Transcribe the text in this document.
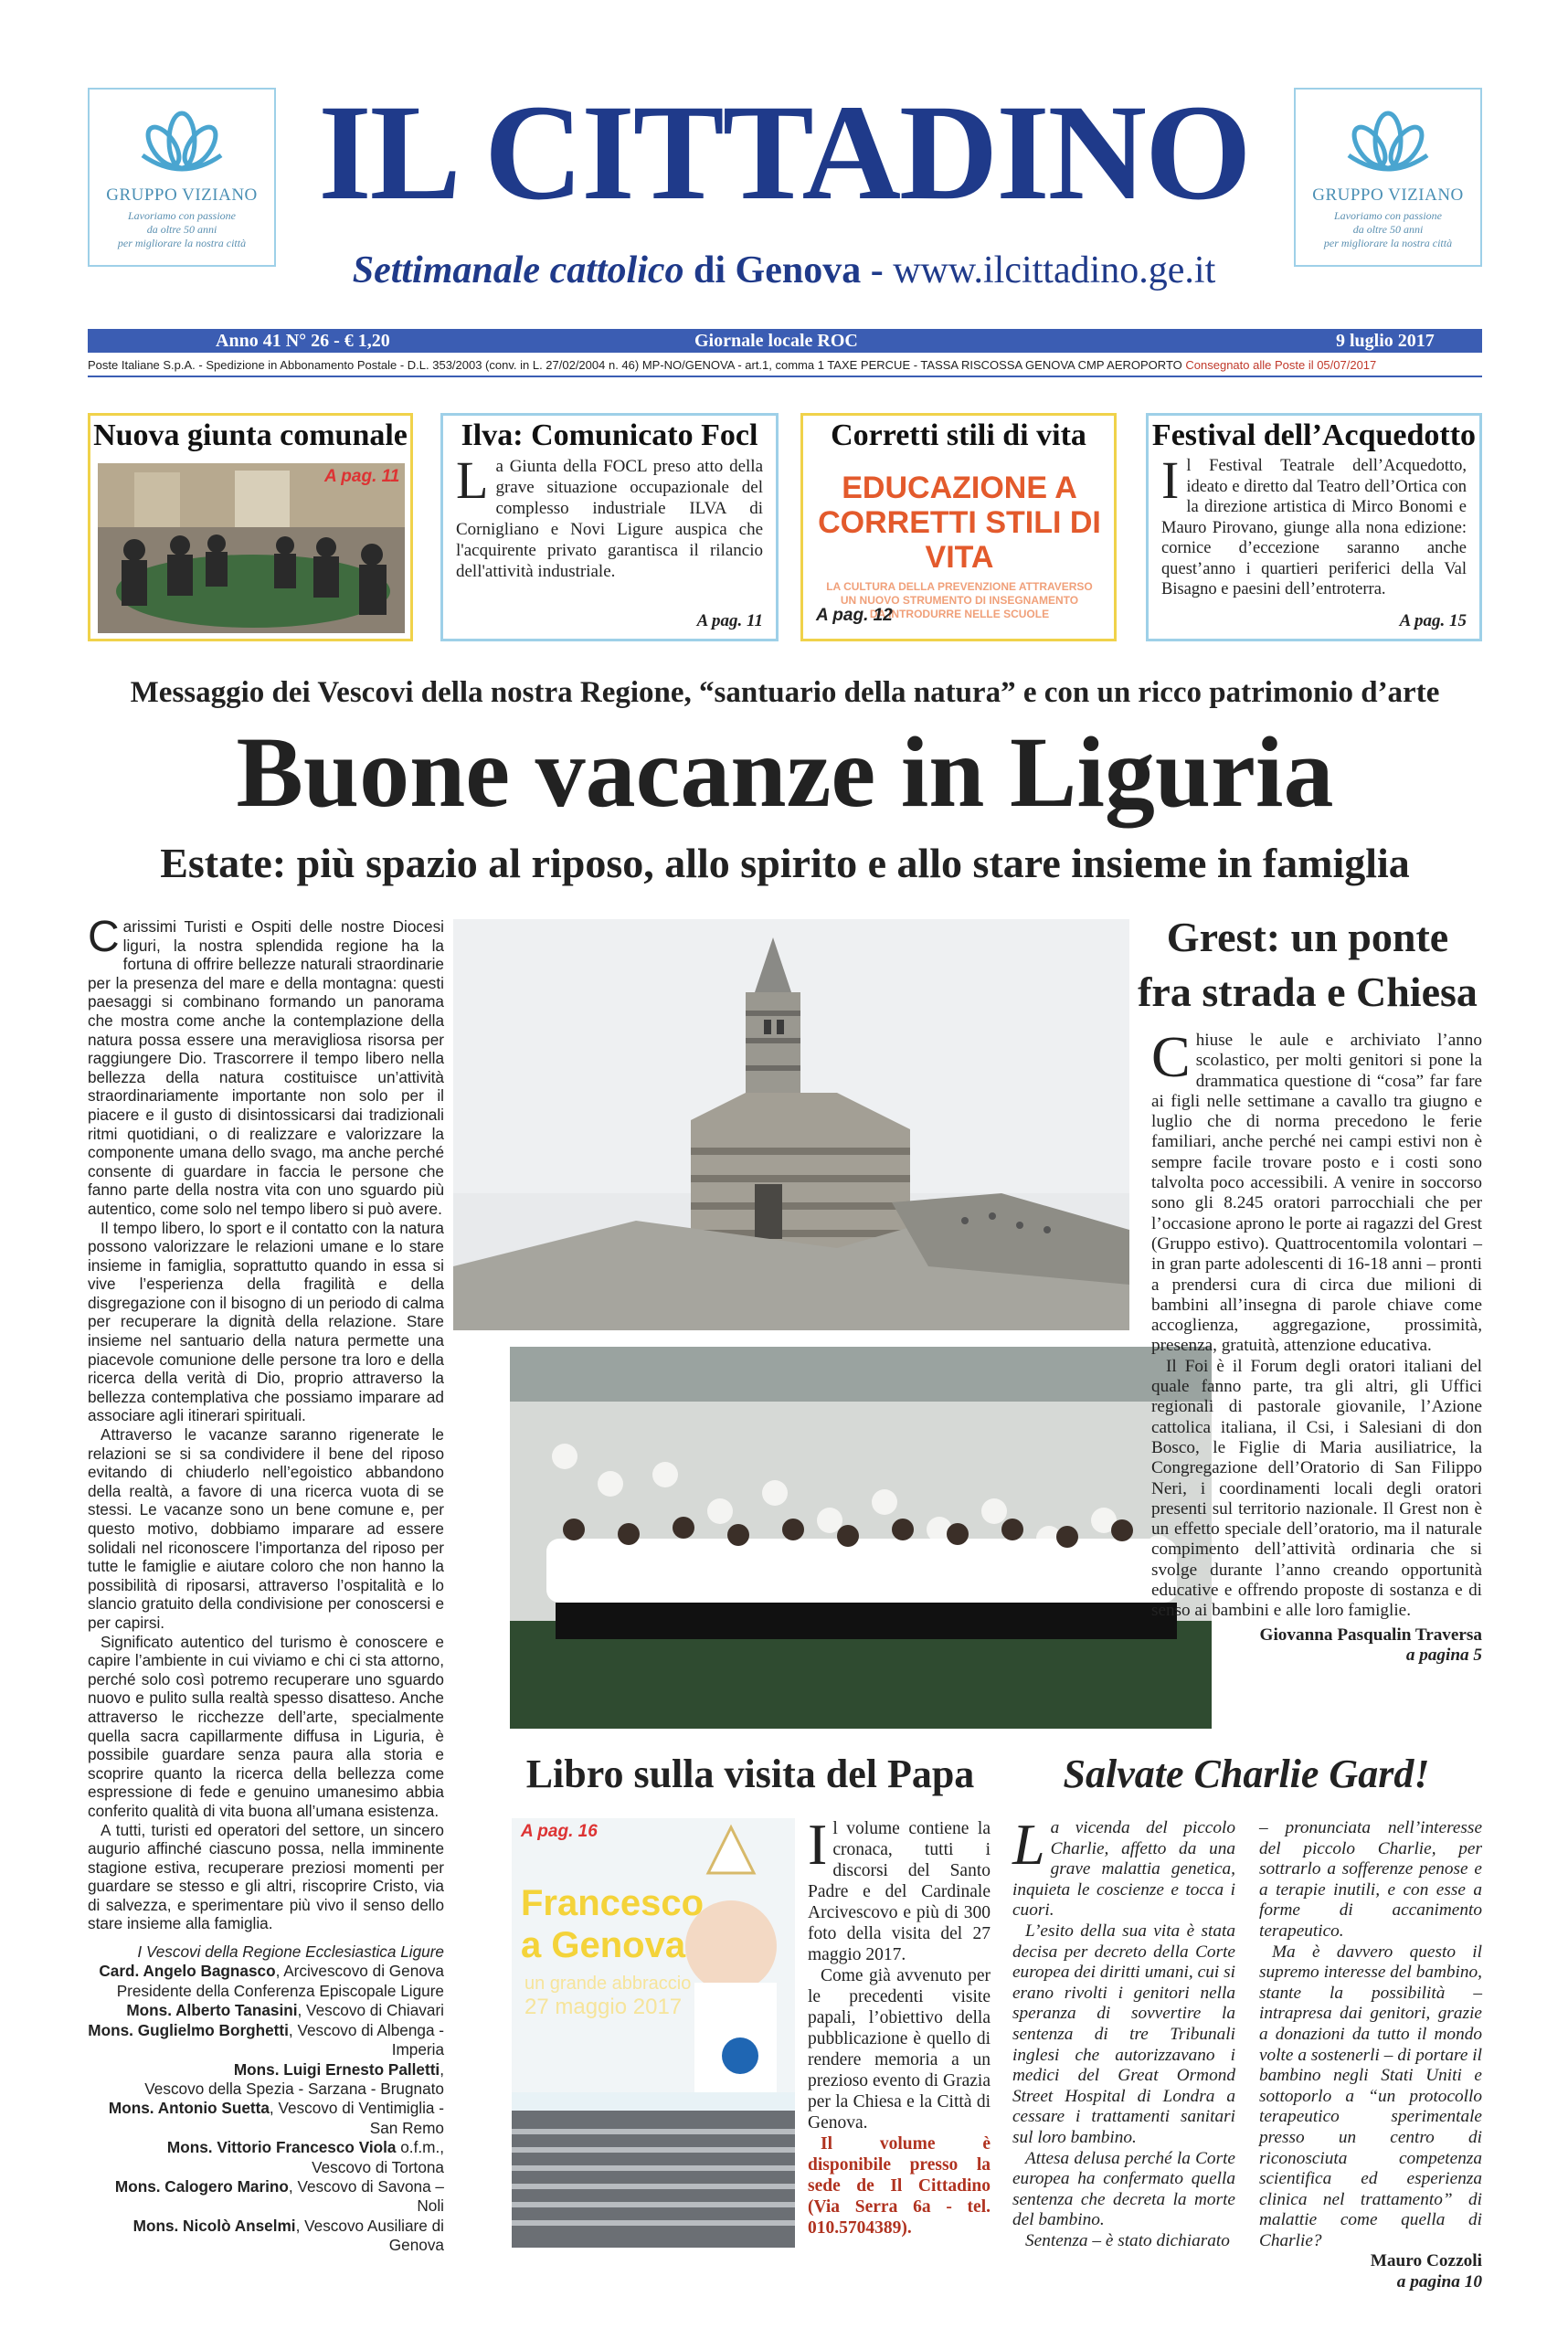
GRUPPO VIZIANO
Lavoriamo con passione
da oltre 50 anni
per migliorare la nostra città
GRUPPO VIZIANO
Lavoriamo con passione
da oltre 50 anni
per migliorare la nostra città
IL CITTADINO
Settimanale cattolico di Genova - www.ilcittadino.ge.it
Anno 41 N° 26 - € 1,20	Giornale locale ROC	9 luglio 2017
Poste Italiane S.p.A. - Spedizione in Abbonamento Postale - D.L. 353/2003 (conv. in L. 27/02/2004 n. 46) MP-NO/GENOVA - art.1, comma 1 TAXE PERCUE - TASSA RISCOSSA GENOVA CMP AEROPORTO Consegnato alle Poste il 05/07/2017
Nuova giunta comunale
A pag. 11
Ilva: Comunicato Focl
La Giunta della FOCL preso atto della grave situazione occupazionale del complesso industriale ILVA di Cornigliano e Novi Ligure auspica che l'acquirente privato garantisca il rilancio dell'attività industriale.
A pag. 11
Corretti stili di vita
EDUCAZIONE A
CORRETTI STILI DI VITA
LA CULTURA DELLA PREVENZIONE ATTRAVERSO
UN NUOVO STRUMENTO DI INSEGNAMENTO
DA INTRODURRE NELLE SCUOLE
A pag. 12
Festival dell’Acquedotto
Il Festival Teatrale dell’Acquedotto, ideato e diretto dal Teatro dell’Ortica con la direzione artistica di Mirco Bonomi e Mauro Pirovano, giunge alla nona edizione: cornice d’eccezione saranno anche quest’anno i quartieri periferici della Val Bisagno e paesini dell’entroterra.
A pag. 15
Messaggio dei Vescovi della nostra Regione, “santuario della natura” e con un ricco patrimonio d’arte
Buone vacanze in Liguria
Estate: più spazio al riposo, allo spirito e allo stare insieme in famiglia

Carissimi Turisti e Ospiti delle nostre Diocesi liguri, la nostra splendida regione ha la fortuna di offrire bellezze naturali straordinarie per la presenza del mare e della montagna: questi paesaggi si combinano formando un panorama che mostra come anche la contemplazione della natura possa essere una meravigliosa risorsa per raggiungere Dio. Trascorrere il tempo libero nella bellezza della natura costituisce un’attività straordinariamente importante non solo per il piacere e il gusto di disintossicarsi dai tradizionali ritmi quotidiani, o di realizzare e valorizzare la componente umana dello svago, ma anche perché consente di guardare in faccia le persone che fanno parte della nostra vita con uno sguardo più autentico, come solo nel tempo libero si può avere.

Il tempo libero, lo sport e il contatto con la natura possono valorizzare le relazioni umane e lo stare insieme in famiglia, soprattutto quando in essa si vive l’esperienza della fragilità e della disgregazione con il bisogno di un periodo di calma per recuperare la dignità della relazione. Stare insieme nel santuario della natura permette una piacevole comunione delle persone tra loro e della ricerca della verità di Dio, proprio attraverso la bellezza contemplativa che possiamo imparare ad associare agli itinerari spirituali.

Attraverso le vacanze saranno rigenerate le relazioni se si sa condividere il bene del riposo evitando di chiuderlo nell’egoistico abbandono della realtà, a favore di una ricerca vuota di se stessi. Le vacanze sono un bene comune e, per questo motivo, dobbiamo imparare ad essere solidali nel riconoscere l’importanza del riposo per tutte le famiglie e aiutare coloro che non hanno la possibilità di riposarsi, attraverso l’ospitalità e lo slancio gratuito della condivisione per conoscersi e per capirsi.

Significato autentico del turismo è conoscere e capire l’ambiente in cui viviamo e chi ci sta attorno, perché solo così potremo recuperare uno sguardo nuovo e pulito sulla realtà spesso disatteso. Anche attraverso le ricchezze dell’arte, specialmente quella sacra capillarmente diffusa in Liguria, è possibile guardare senza paura alla storia e scoprire quanto la ricerca della bellezza come espressione di fede e genuino umanesimo abbia conferito qualità di vita buona all’umana esistenza.

A tutti, turisti ed operatori del settore, un sincero augurio affinché ciascuno possa, nella imminente stagione estiva, recuperare preziosi momenti per guardare se stesso e gli altri, riscoprire Cristo, via di salvezza, e sperimentare più vivo il senso dello stare insieme alla famiglia.

I Vescovi della Regione Ecclesiastica Ligure
Card. Angelo Bagnasco, Arcivescovo di Genova
Presidente della Conferenza Episcopale Ligure
Mons. Alberto Tanasini, Vescovo di Chiavari
Mons. Guglielmo Borghetti, Vescovo di Albenga - Imperia
Mons. Luigi Ernesto Palletti,
Vescovo della Spezia - Sarzana - Brugnato
Mons. Antonio Suetta, Vescovo di Ventimiglia - San Remo
Mons. Vittorio Francesco Viola o.f.m.,
Vescovo di Tortona
Mons. Calogero Marino, Vescovo di Savona – Noli
Mons. Nicolò Anselmi, Vescovo Ausiliare di Genova
Grest: un ponte
fra strada e Chiesa

Chiuse le aule e archiviato l’anno scolastico, per molti genitori si pone la drammatica questione di “cosa” far fare ai figli nelle settimane a cavallo tra giugno e luglio che di norma precedono le ferie familiari, anche perché nei campi estivi non è sempre facile trovare posto e i costi sono talvolta poco accessibili. A venire in soccorso sono gli 8.245 oratori parrocchiali che per l’occasione aprono le porte ai ragazzi del Grest (Gruppo estivo). Quattrocentomila volontari – in gran parte adolescenti di 16-18 anni – pronti a prendersi cura di circa due milioni di bambini all’insegna di parole chiave come accoglienza, aggregazione, prossimità, presenza, gratuità, attenzione educativa.

Il Foi è il Forum degli oratori italiani del quale fanno parte, tra gli altri, gli Uffici regionali di pastorale giovanile, l’Azione cattolica italiana, il Csi, i Salesiani di don Bosco, le Figlie di Maria ausiliatrice, la Congregazione dell’Oratorio di San Filippo Neri, i coordinamenti locali degli oratori presenti sul territorio nazionale. Il Grest non è un effetto speciale dell’oratorio, ma il naturale compimento dell’attività ordinaria che si svolge durante l’anno creando opportunità educative e offrendo proposte di sostanza e di senso ai bambini e alle loro famiglie.

Giovanna Pasqualin Traversa
a pagina 5
Libro sulla visita del Papa
A pag. 16
Francesco
a Genova
un grande abbraccio
27 maggio 2017

Il volume contiene la cronaca, tutti i discorsi del Santo Padre e del Cardinale Arcivescovo e più di 300 foto della visita del 27 maggio 2017.

Come già avvenuto per le precedenti visite papali, l’obiettivo della pubblicazione è quello di rendere memoria a un prezioso evento di Grazia per la Chiesa e la Città di Genova.

Il volume è disponibile presso la sede de Il Cittadino (Via Serra 6a - tel. 010.5704389).

Salvate Charlie Gard!

La vicenda del piccolo Charlie, affetto da una grave malattia genetica, inquieta le coscienze e tocca i cuori.

L’esito della sua vita è stata decisa per decreto della Corte europea dei diritti umani, cui si erano rivolti i genitori nella speranza di sovvertire la sentenza di tre Tribunali inglesi che autorizzavano i medici del Great Ormond Street Hospital di Londra a cessare i trattamenti sanitari sul loro bambino.

Attesa delusa perché la Corte europea ha confermato quella sentenza che decreta la morte del bambino.

Sentenza – è stato dichiarato

– pronunciata nell’interesse del piccolo Charlie, per sottrarlo a sofferenze penose e a terapie inutili, e con esse a forme di accanimento terapeutico.

Ma è davvero questo il supremo interesse del bambino, stante la possibilità – intrapresa dai genitori, grazie a donazioni da tutto il mondo volte a sostenerli – di portare il bambino negli Stati Uniti e sottoporlo a “un protocollo terapeutico sperimentale presso un centro di riconosciuta competenza scientifica ed esperienza clinica nel trattamento” di malattie come quella di Charlie?

Mauro Cozzoli
a pagina 10
